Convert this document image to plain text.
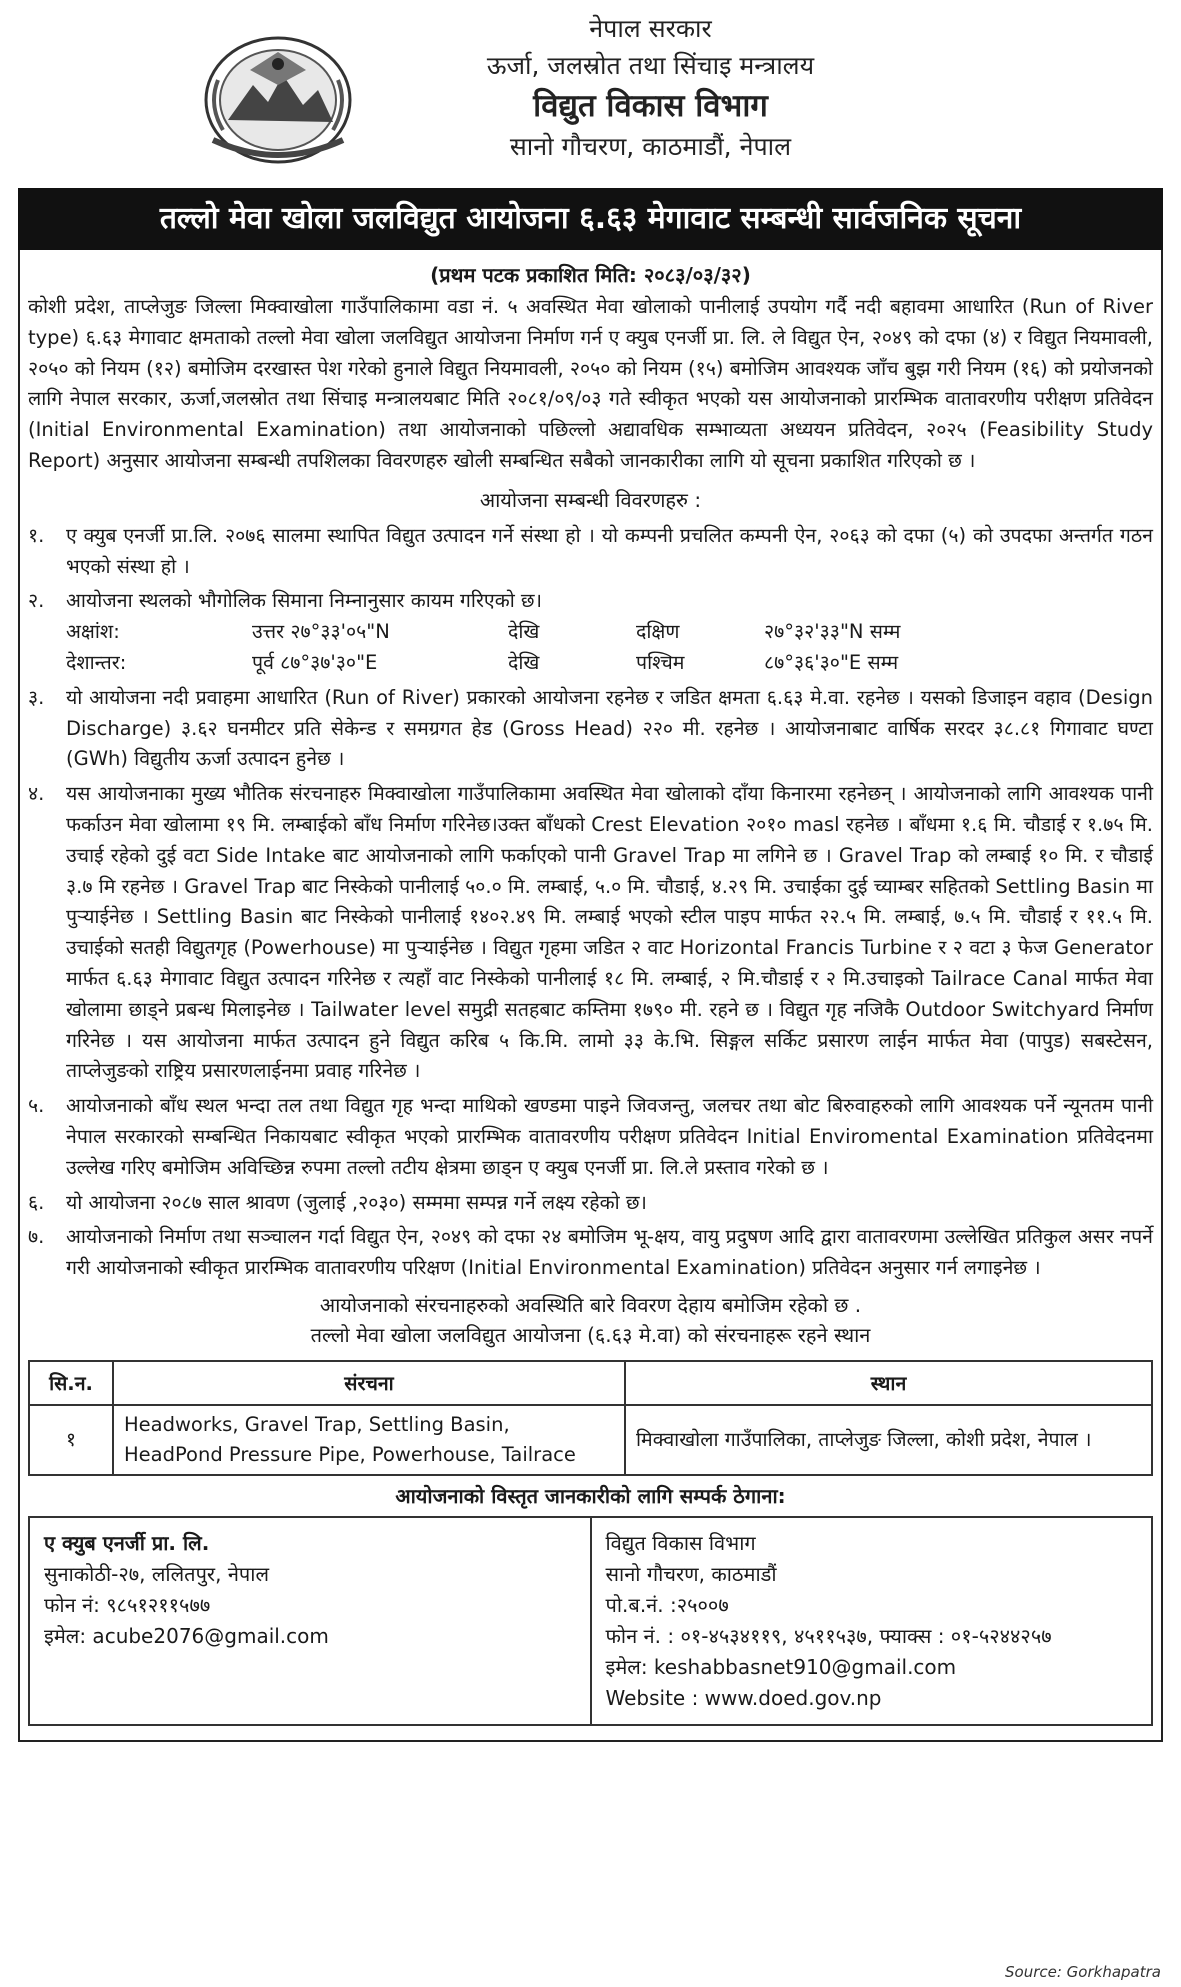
नेपाल सरकार
ऊर्जा, जलस्रोत तथा सिंचाइ मन्त्रालय
विद्युत विकास विभाग
सानो गौचरण, काठमाडौं, नेपाल
तल्लो मेवा खोला जलविद्युत आयोजना ६.६३ मेगावाट सम्बन्धी सार्वजनिक सूचना
(प्रथम पटक प्रकाशित मिति: २०८३/०३/३२)
कोशी प्रदेश, ताप्लेजुङ जिल्ला मिक्वाखोला गाउँपालिकामा वडा नं. ५ अवस्थित मेवा खोलाको पानीलाई उपयोग गर्दै नदी बहावमा आधारित (Run of River type) ६.६३ मेगावाट क्षमताको तल्लो मेवा खोला जलविद्युत आयोजना निर्माण गर्न ए क्युब एनर्जी प्रा. लि. ले विद्युत ऐन, २०४९ को दफा (४) र विद्युत नियमावली, २०५० को नियम (१२) बमोजिम दरखास्त पेश गरेको हुनाले विद्युत नियमावली, २०५० को नियम (१५) बमोजिम आवश्यक जाँच बुझ गरी नियम (१६) को प्रयोजनको लागि नेपाल सरकार, ऊर्जा,जलस्रोत तथा सिंचाइ मन्त्रालयबाट मिति २०८१/०९/०३ गते स्वीकृत भएको यस आयोजनाको प्रारम्भिक वातावरणीय परीक्षण प्रतिवेदन (Initial Environmental Examination) तथा आयोजनाको पछिल्लो अद्यावधिक सम्भाव्यता अध्ययन प्रतिवेदन, २०२५ (Feasibility Study Report) अनुसार आयोजना सम्बन्धी तपशिलका विवरणहरु खोली सम्बन्धित सबैको जानकारीका लागि यो सूचना प्रकाशित गरिएको छ ।
आयोजना सम्बन्धी विवरणहरु :
१.	ए क्युब एनर्जी प्रा.लि. २०७६ सालमा स्थापित विद्युत उत्पादन गर्ने संस्था हो । यो कम्पनी प्रचलित कम्पनी ऐन, २०६३ को दफा (५) को उपदफा अन्तर्गत गठन भएको संस्था हो ।
२.	आयोजना स्थलको भौगोलिक सिमाना निम्नानुसार कायम गरिएको छ।
अक्षांश:	उत्तर २७°३३'०५"N	देखि	दक्षिण	२७°३२'३३"N सम्म
देशान्तर:	पूर्व ८७°३७'३०"E	देखि	पश्चिम	८७°३६'३०"E सम्म
३.	यो आयोजना नदी प्रवाहमा आधारित (Run of River) प्रकारको आयोजना रहनेछ र जडित क्षमता ६.६३ मे.वा. रहनेछ । यसको डिजाइन वहाव (Design Discharge) ३.६२ घनमीटर प्रति सेकेन्ड र समग्रगत हेड (Gross Head) २२० मी. रहनेछ । आयोजनाबाट वार्षिक सरदर ३८.८१ गिगावाट घण्टा (GWh) विद्युतीय ऊर्जा उत्पादन हुनेछ ।
४.	यस आयोजनाका मुख्य भौतिक संरचनाहरु मिक्वाखोला गाउँपालिकामा अवस्थित मेवा खोलाको दाँया किनारमा रहनेछन् । आयोजनाको लागि आवश्यक पानी फर्काउन मेवा खोलामा १९ मि. लम्बाईको बाँध निर्माण गरिनेछ।उक्त बाँधको Crest Elevation २०१० masl रहनेछ । बाँधमा १.६ मि. चौडाई र १.७५ मि. उचाई रहेको दुई वटा Side Intake बाट आयोजनाको लागि फर्काएको पानी Gravel Trap मा लगिने छ । Gravel Trap को लम्बाई १० मि. र चौडाई ३.७ मि रहनेछ । Gravel Trap बाट निस्केको पानीलाई ५०.० मि. लम्बाई, ५.० मि. चौडाई, ४.२९ मि. उचाईका दुई च्याम्बर सहितको Settling Basin मा पुऱ्याईनेछ । Settling Basin बाट निस्केको पानीलाई १४०२.४९ मि. लम्बाई भएको स्टील पाइप मार्फत २२.५ मि. लम्बाई, ७.५ मि. चौडाई र ११.५ मि. उचाईको सतही विद्युतगृह (Powerhouse) मा पुऱ्याईनेछ । विद्युत गृहमा जडित २ वाट Horizontal Francis Turbine र २ वटा ३ फेज Generator मार्फत ६.६३ मेगावाट विद्युत उत्पादन गरिनेछ र त्यहाँ वाट निस्केको पानीलाई १८ मि. लम्बाई, २ मि.चौडाई र २ मि.उचाइको Tailrace Canal मार्फत मेवा खोलामा छाड्ने प्रबन्ध मिलाइनेछ । Tailwater level समुद्री सतहबाट कम्तिमा १७९० मी. रहने छ । विद्युत गृह नजिकै Outdoor Switchyard निर्माण गरिनेछ । यस आयोजना मार्फत उत्पादन हुने विद्युत करिब ५ कि.मि. लामो ३३ के.भि. सिङ्गल सर्किट प्रसारण लाईन मार्फत मेवा (पापुड) सबस्टेसन, ताप्लेजुङको राष्ट्रिय प्रसारणलाईनमा प्रवाह गरिनेछ ।
५.	आयोजनाको बाँध स्थल भन्दा तल तथा विद्युत गृह भन्दा माथिको खण्डमा पाइने जिवजन्तु, जलचर तथा बोट बिरुवाहरुको लागि आवश्यक पर्ने न्यूनतम पानी नेपाल सरकारको सम्बन्धित निकायबाट स्वीकृत भएको प्रारम्भिक वातावरणीय परीक्षण प्रतिवेदन Initial Enviromental Examination प्रतिवेदनमा उल्लेख गरिए बमोजिम अविच्छिन्न रुपमा तल्लो तटीय क्षेत्रमा छाड्न ए क्युब एनर्जी प्रा. लि.ले प्रस्ताव गरेको छ ।
६.	यो आयोजना २०८७ साल श्रावण (जुलाई ,२०३०) सम्ममा सम्पन्न गर्ने लक्ष्य रहेको छ।
७.	आयोजनाको निर्माण तथा सञ्चालन गर्दा विद्युत ऐन, २०४९ को दफा २४ बमोजिम भू-क्षय, वायु प्रदुषण आदि द्वारा वातावरणमा उल्लेखित प्रतिकुल असर नपर्ने गरी आयोजनाको स्वीकृत प्रारम्भिक वातावरणीय परिक्षण (Initial Environmental Examination) प्रतिवेदन अनुसार गर्न लगाइनेछ ।
आयोजनाको संरचनाहरुको अवस्थिति बारे विवरण देहाय बमोजिम रहेको छ .
तल्लो मेवा खोला जलविद्युत आयोजना (६.६३ मे.वा) को संरचनाहरू रहने स्थान
सि.न.	संरचना	स्थान
१	Headworks, Gravel Trap, Settling Basin, HeadPond Pressure Pipe, Powerhouse, Tailrace	मिक्वाखोला गाउँपालिका, ताप्लेजुङ जिल्ला, कोशी प्रदेश, नेपाल ।
आयोजनाको विस्तृत जानकारीको लागि सम्पर्क ठेगाना:
ए क्युब एनर्जी प्रा. लि.
सुनाकोठी-२७, ललितपुर, नेपाल
फोन नं: ९८५१२११५७७
इमेल: acube2076@gmail.com
विद्युत विकास विभाग
सानो गौचरण, काठमाडौं
पो.ब.नं. :२५००७
फोन नं. : ०१-४५३४११९, ४५११५३७, फ्याक्स : ०१-५२४४२५७
इमेल: keshabbasnet910@gmail.com
Website : www.doed.gov.np
Source: Gorkhapatra
